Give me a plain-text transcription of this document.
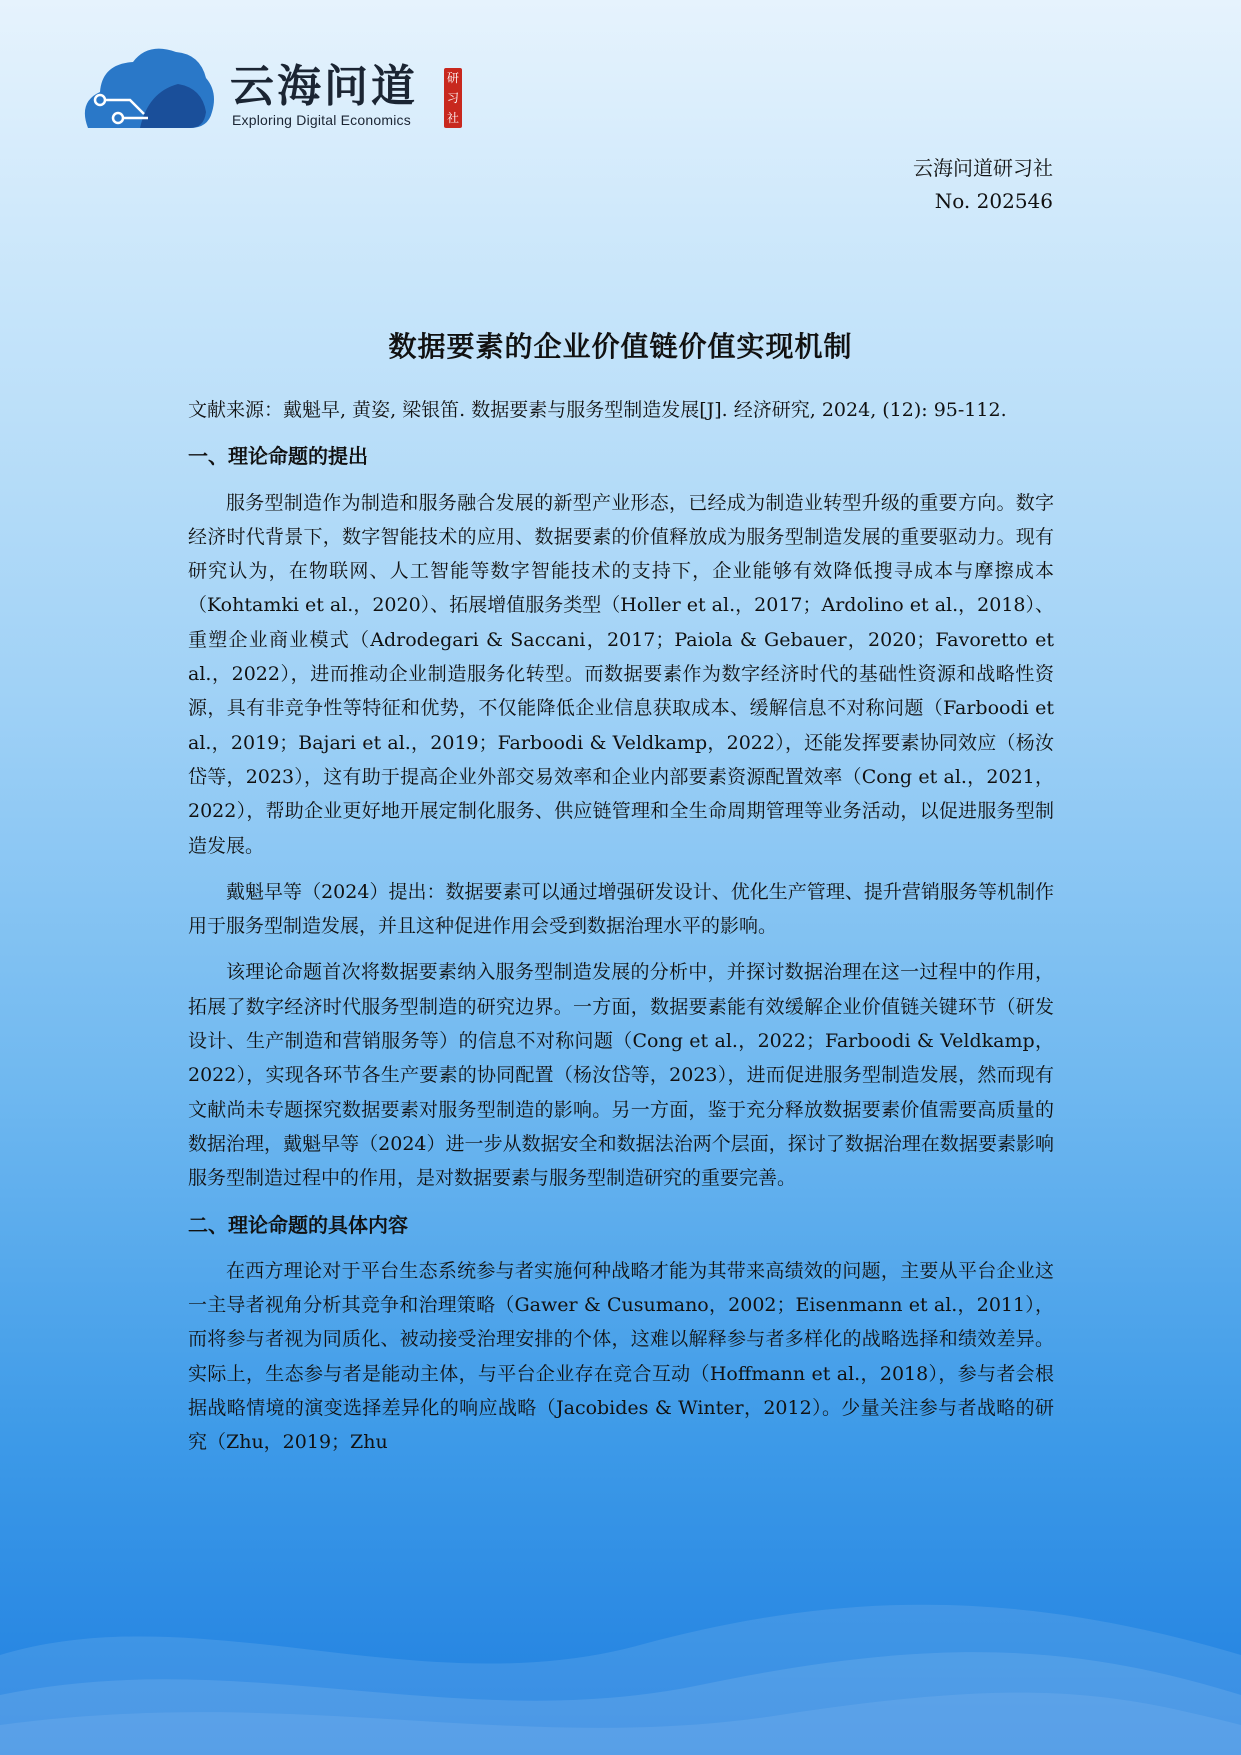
云海问道
Exploring Digital Economics
研
习
社
云海问道研习社
No. 202546
数据要素的企业价值链价值实现机制

文献来源：戴魁早, 黄姿, 梁银笛. 数据要素与服务型制造发展[J]. 经济研究, 2024, (12): 95-112.

一、理论命题的提出

服务型制造作为制造和服务融合发展的新型产业形态，已经成为制造业转型升级的重要方向。数字经济时代背景下，数字智能技术的应用、数据要素的价值释放成为服务型制造发展的重要驱动力。现有研究认为，在物联网、人工智能等数字智能技术的支持下，企业能够有效降低搜寻成本与摩擦成本（Kohtamki et al.，2020）、拓展增值服务类型（Holler et al.，2017；Ardolino et al.，2018）、重塑企业商业模式（Adrodegari & Saccani，2017；Paiola & Gebauer，2020；Favoretto et al.，2022），进而推动企业制造服务化转型。而数据要素作为数字经济时代的基础性资源和战略性资源，具有非竞争性等特征和优势，不仅能降低企业信息获取成本、缓解信息不对称问题（Farboodi et al.，2019；Bajari et al.，2019；Farboodi & Veldkamp，2022），还能发挥要素协同效应（杨汝岱等，2023），这有助于提高企业外部交易效率和企业内部要素资源配置效率（Cong et al.，2021，2022），帮助企业更好地开展定制化服务、供应链管理和全生命周期管理等业务活动，以促进服务型制造发展。

戴魁早等（2024）提出：数据要素可以通过增强研发设计、优化生产管理、提升营销服务等机制作用于服务型制造发展，并且这种促进作用会受到数据治理水平的影响。

该理论命题首次将数据要素纳入服务型制造发展的分析中，并探讨数据治理在这一过程中的作用，拓展了数字经济时代服务型制造的研究边界。一方面，数据要素能有效缓解企业价值链关键环节（研发设计、生产制造和营销服务等）的信息不对称问题（Cong et al.，2022；Farboodi & Veldkamp，2022），实现各环节各生产要素的协同配置（杨汝岱等，2023），进而促进服务型制造发展，然而现有文献尚未专题探究数据要素对服务型制造的影响。另一方面，鉴于充分释放数据要素价值需要高质量的数据治理，戴魁早等（2024）进一步从数据安全和数据法治两个层面，探讨了数据治理在数据要素影响服务型制造过程中的作用，是对数据要素与服务型制造研究的重要完善。

二、理论命题的具体内容

在西方理论对于平台生态系统参与者实施何种战略才能为其带来高绩效的问题，主要从平台企业这一主导者视角分析其竞争和治理策略（Gawer & Cusumano，2002；Eisenmann et al.，2011），而将参与者视为同质化、被动接受治理安排的个体，这难以解释参与者多样化的战略选择和绩效差异。实际上，生态参与者是能动主体，与平台企业存在竞合互动（Hoffmann et al.，2018），参与者会根据战略情境的演变选择差异化的响应战略（Jacobides & Winter，2012）。少量关注参与者战略的研究（Zhu，2019；Zhu
